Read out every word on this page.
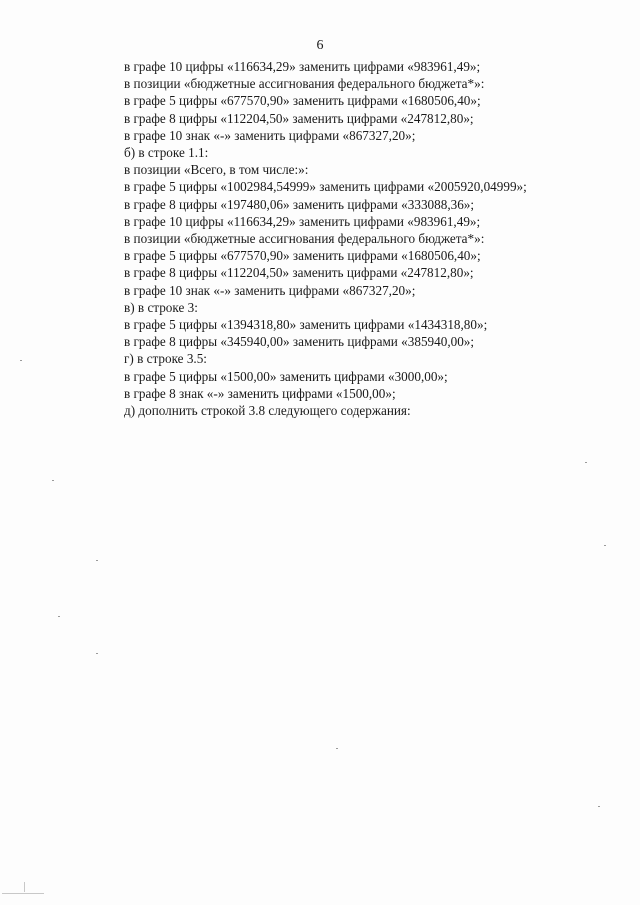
6
в графе 10 цифры «116634,29» заменить цифрами «983961,49»;
в позиции «бюджетные ассигнования федерального бюджета*»:
в графе 5 цифры «677570,90» заменить цифрами «1680506,40»;
в графе 8 цифры «112204,50» заменить цифрами «247812,80»;
в графе 10 знак «-» заменить цифрами «867327,20»;
б) в строке 1.1:
в позиции «Всего, в том числе:»:
в графе 5 цифры «1002984,54999» заменить цифрами «2005920,04999»;
в графе 8 цифры «197480,06» заменить цифрами «333088,36»;
в графе 10 цифры «116634,29» заменить цифрами «983961,49»;
в позиции «бюджетные ассигнования федерального бюджета*»:
в графе 5 цифры «677570,90» заменить цифрами «1680506,40»;
в графе 8 цифры «112204,50» заменить цифрами «247812,80»;
в графе 10 знак «-» заменить цифрами «867327,20»;
в) в строке 3:
в графе 5 цифры «1394318,80» заменить цифрами «1434318,80»;
в графе 8 цифры «345940,00» заменить цифрами «385940,00»;
г) в строке 3.5:
в графе 5 цифры «1500,00» заменить цифрами «3000,00»;
в графе 8 знак «-» заменить цифрами «1500,00»;
д) дополнить строкой 3.8 следующего содержания:
